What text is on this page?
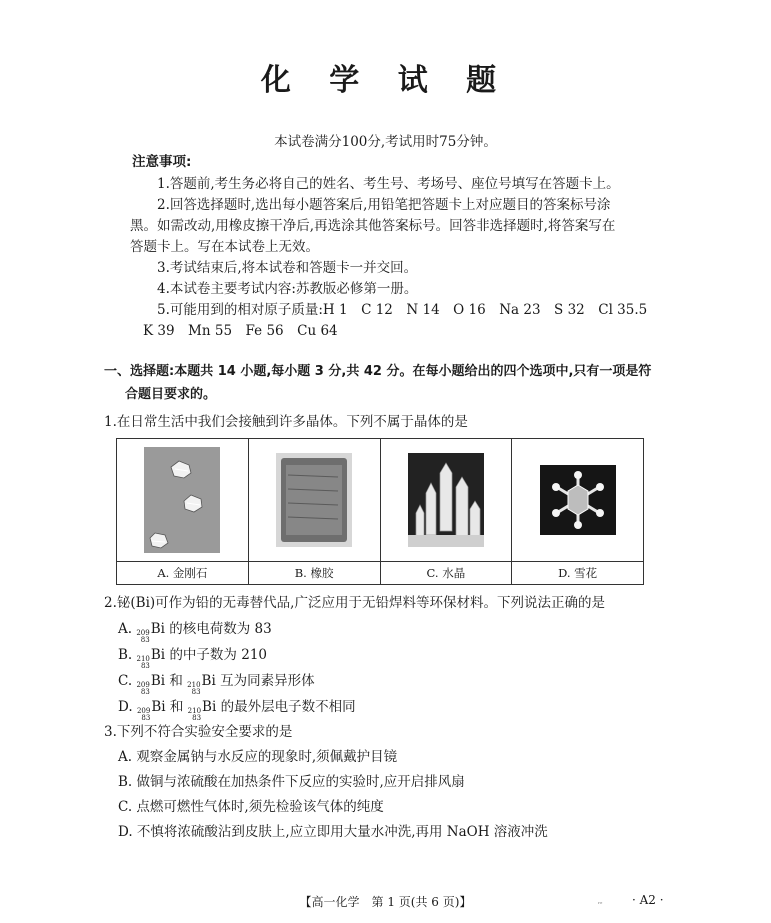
化 学 试 题
本试卷满分100分,考试用时75分钟。
注意事项:
1.答题前,考生务必将自己的姓名、考生号、考场号、座位号填写在答题卡上。
2.回答选择题时,选出每小题答案后,用铅笔把答题卡上对应题目的答案标号涂
黑。如需改动,用橡皮擦干净后,再选涂其他答案标号。回答非选择题时,将答案写在
答题卡上。写在本试卷上无效。
3.考试结束后,将本试卷和答题卡一并交回。
4.本试卷主要考试内容:苏教版必修第一册。
5.可能用到的相对原子质量:H 1　C 12　N 14　O 16　Na 23　S 32　Cl 35.5
K 39　Mn 55　Fe 56　Cu 64
一、选择题:本题共 14 小题,每小题 3 分,共 42 分。在每小题给出的四个选项中,只有一项是符
合题目要求的。
1.在日常生活中我们会接触到许多晶体。下列不属于晶体的是

A. 金刚石	B. 橡胶	C. 水晶	D. 雪花
2.铋(Bi)可作为铅的无毒替代品,广泛应用于无铅焊料等环保材料。下列说法正确的是
A. 209
83
Bi 的核电荷数为 83
B. 210
83
Bi 的中子数为 210
C. 209
83
Bi 和 210
83
Bi 互为同素异形体
D. 209
83
Bi 和 210
83
Bi 的最外层电子数不相同
3.下列不符合实验安全要求的是
A. 观察金属钠与水反应的现象时,须佩戴护目镜
B. 做铜与浓硫酸在加热条件下反应的实验时,应开启排风扇
C. 点燃可燃性气体时,须先检验该气体的纯度
D. 不慎将浓硫酸沾到皮肤上,应立即用大量水冲洗,再用 NaOH 溶液冲洗
【高一化学　第 1 页(共 6 页)】	ᵣₑ · A2 ·
